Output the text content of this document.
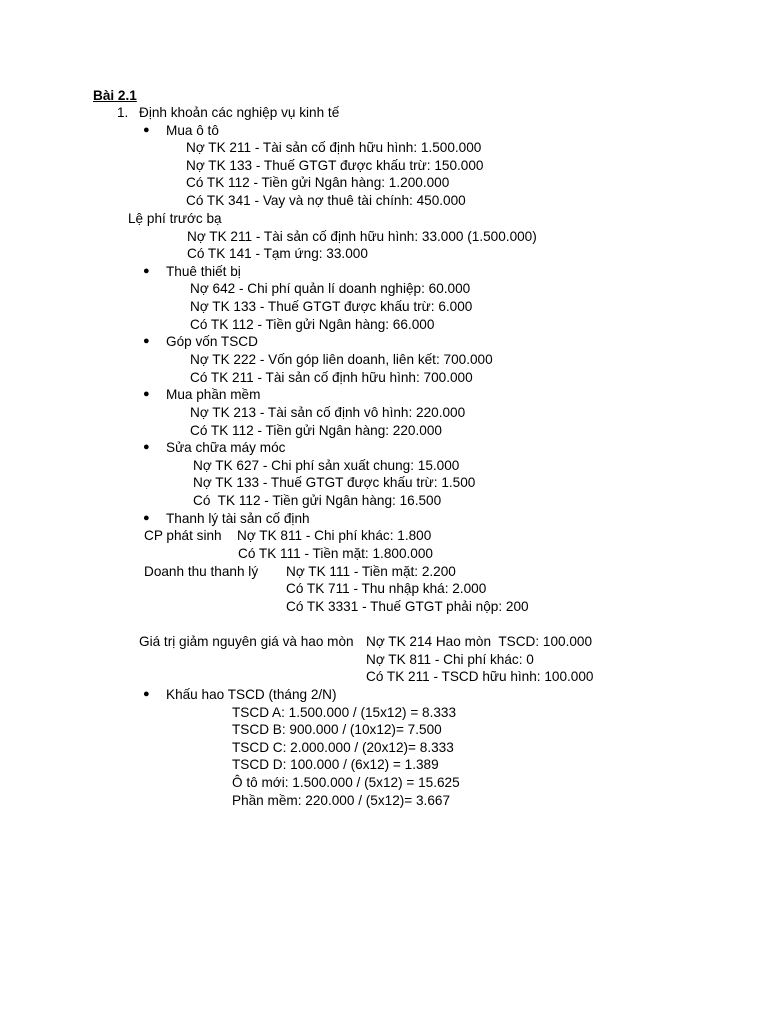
Bài 2.1
1. Định khoản các nghiệp vụ kinh tế
● Mua ô tô
Nợ TK 211 - Tài sản cố định hữu hình: 1.500.000
Nợ TK 133 - Thuế GTGT được khấu trừ: 150.000
Có TK 112 - Tiền gửi Ngân hàng: 1.200.000
Có TK 341 - Vay và nợ thuê tài chính: 450.000
Lệ phí trước bạ
Nợ TK 211 - Tài sản cố định hữu hình: 33.000 (1.500.000)
Có TK 141 - Tạm ứng: 33.000
● Thuê thiết bị
Nợ 642 - Chi phí quản lí doanh nghiệp: 60.000
Nợ TK 133 - Thuế GTGT được khấu trừ: 6.000
Có TK 112 - Tiền gửi Ngân hàng: 66.000
● Góp vốn TSCD
Nợ TK 222 - Vốn góp liên doanh, liên kết: 700.000
Có TK 211 - Tài sản cố định hữu hình: 700.000
● Mua phần mềm
Nợ TK 213 - Tài sản cố định vô hình: 220.000
Có TK 112 - Tiền gửi Ngân hàng: 220.000
● Sửa chữa máy móc
Nợ TK 627 - Chi phí sản xuất chung: 15.000
Nợ TK 133 - Thuế GTGT được khấu trừ: 1.500
Có  TK 112 - Tiền gửi Ngân hàng: 16.500
● Thanh lý tài sản cố định
CP phát sinh Nợ TK 811 - Chi phí khác: 1.800
Có TK 111 - Tiền mặt: 1.800.000
Doanh thu thanh lý Nợ TK 111 - Tiền mặt: 2.200
Có TK 711 - Thu nhập khá: 2.000
Có TK 3331 - Thuế GTGT phải nộp: 200
Giá trị giảm nguyên giá và hao mòn Nợ TK 214 Hao mòn  TSCD: 100.000
Nợ TK 811 - Chi phí khác: 0
Có TK 211 - TSCD hữu hình: 100.000
● Khấu hao TSCD (tháng 2/N)
TSCD A: 1.500.000 / (15x12) = 8.333
TSCD B: 900.000 / (10x12)= 7.500
TSCD C: 2.000.000 / (20x12)= 8.333
TSCD D: 100.000 / (6x12) = 1.389
Ô tô mới: 1.500.000 / (5x12) = 15.625
Phần mềm: 220.000 / (5x12)= 3.667
